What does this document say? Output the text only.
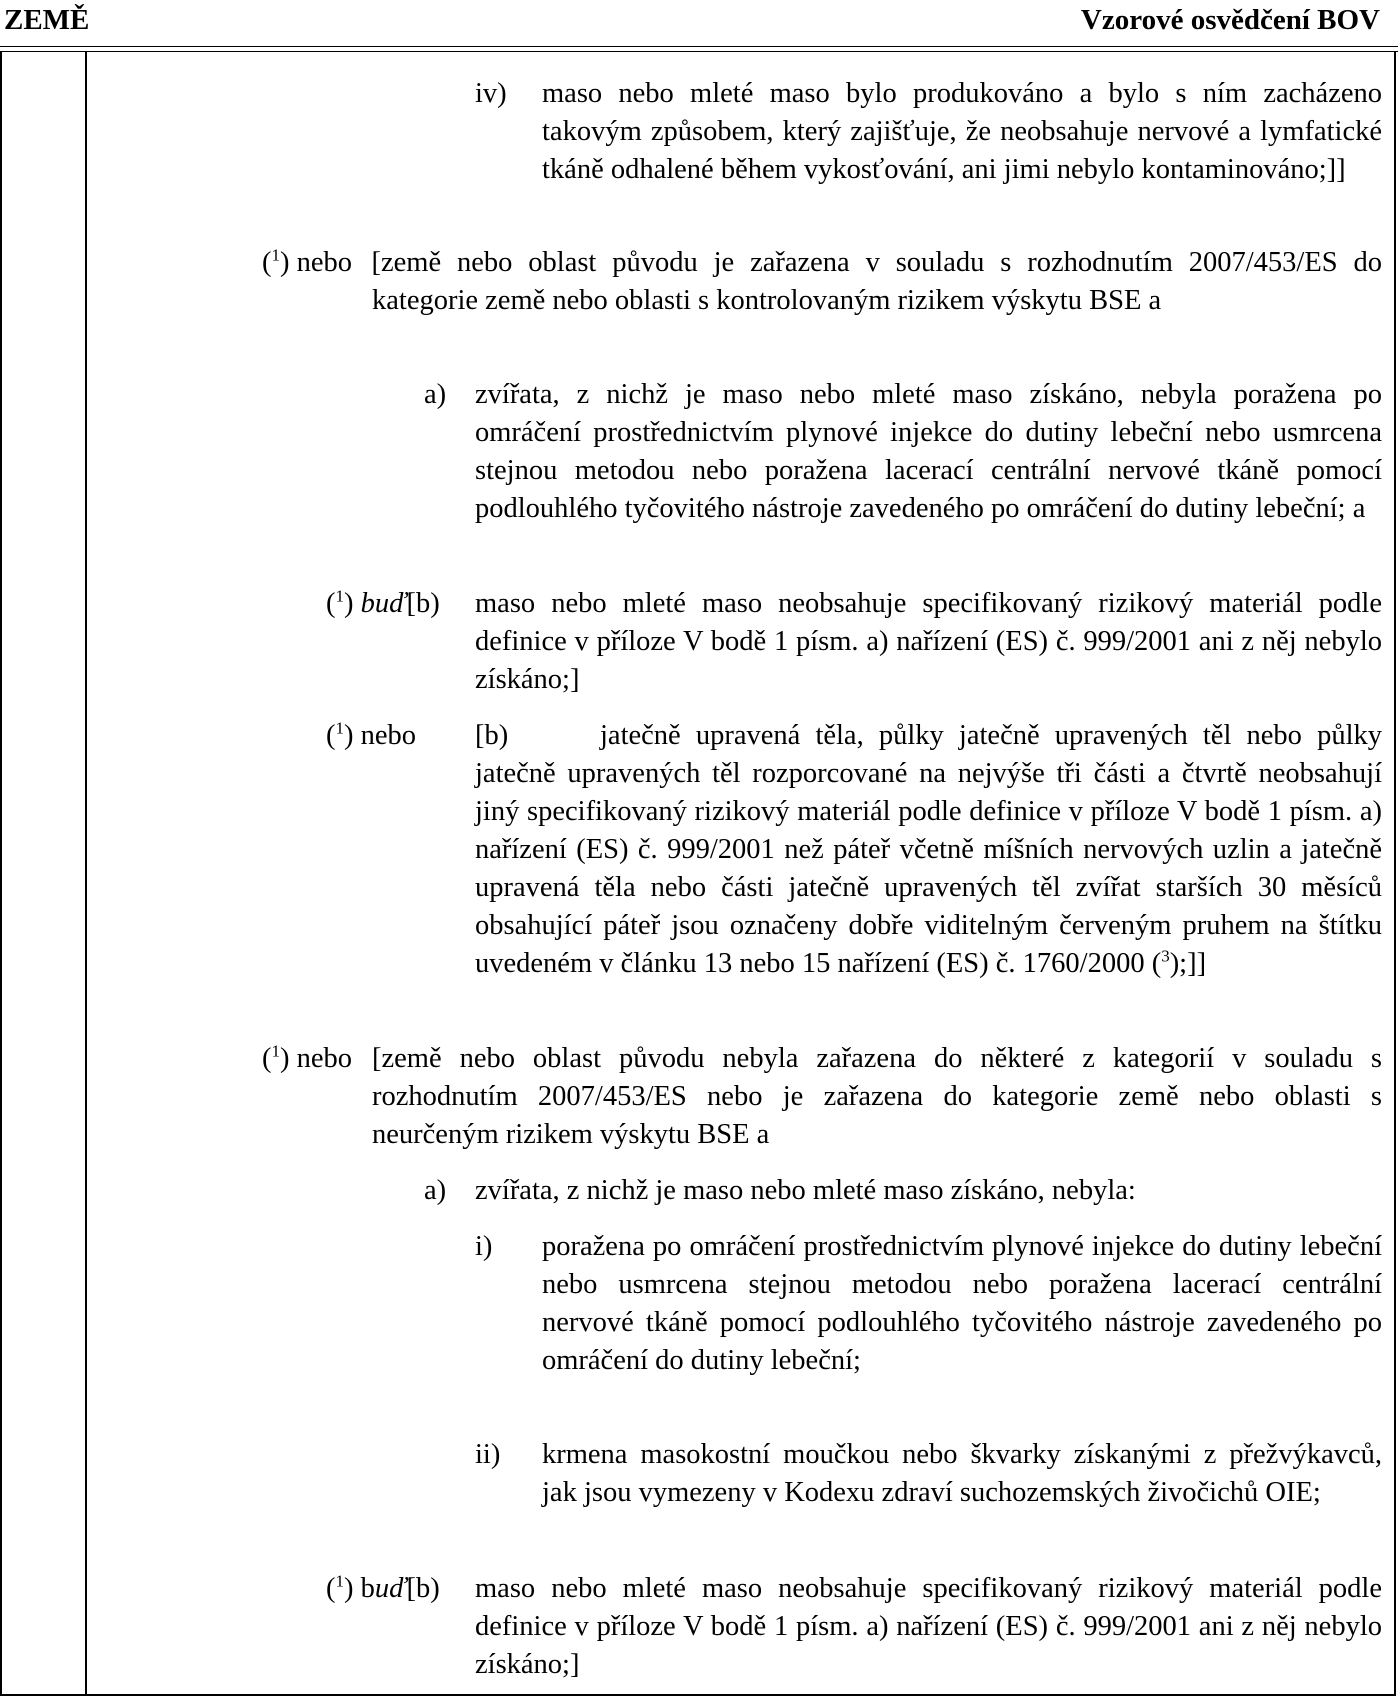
ZEMĚ	Vzorové osvědčení BOV
iv) maso nebo mleté maso bylo produkováno a bylo s ním zacházeno takovým způsobem, který zajišťuje, že neobsahuje nervové a lymfatické tkáně odhalené během vykosťování, ani jimi nebylo kontaminováno;]]
($^1$) nebo [země nebo oblast původu je zařazena v souladu s rozhodnutím 2007/453/ES do kategorie země nebo oblasti s kontrolovaným rizikem výskytu BSE a
a) zvířata, z nichž je maso nebo mleté maso získáno, nebyla poražena po omráčení prostřednictvím plynové injekce do dutiny lebeční nebo usmrcena stejnou metodou nebo poražena lacerací centrální nervové tkáně pomocí podlouhlého tyčovitého nástroje zavedeného po omráčení do dutiny lebeční; a
($^1$) buď[b) maso nebo mleté maso neobsahuje specifikovaný rizikový materiál podle definice v příloze V bodě 1 písm. a) nařízení (ES) č. 999/2001 ani z něj nebylo získáno;]
($^1$) nebo [b)	jatečně upravená těla, půlky jatečně upravených těl nebo půlky jatečně upravených těl rozporcované na nejvýše tři části a čtvrtě neobsahují jiný specifikovaný rizikový materiál podle definice v příloze V bodě 1 písm. a) nařízení (ES) č. 999/2001 než páteř včetně míšních nervových uzlin a jatečně upravená těla nebo části jatečně upravených těl zvířat starších 30 měsíců obsahující páteř jsou označeny dobře viditelným červeným pruhem na štítku uvedeném v článku 13 nebo 15 nařízení (ES) č. 1760/2000 ($^3$);]]
($^1$) nebo [země nebo oblast původu nebyla zařazena do některé z kategorií v souladu s rozhodnutím 2007/453/ES nebo je zařazena do kategorie země nebo oblasti s neurčeným rizikem výskytu BSE a
a) zvířata, z nichž je maso nebo mleté maso získáno, nebyla:
i) poražena po omráčení prostřednictvím plynové injekce do dutiny lebeční nebo usmrcena stejnou metodou nebo poražena lacerací centrální nervové tkáně pomocí podlouhlého tyčovitého nástroje zavedeného po omráčení do dutiny lebeční;
ii) krmena masokostní moučkou nebo škvarky získanými z přežvýkavců, jak jsou vymezeny v Kodexu zdraví suchozemských živočichů OIE;
($^1$) buď[b) maso nebo mleté maso neobsahuje specifikovaný rizikový materiál podle definice v příloze V bodě 1 písm. a) nařízení (ES) č. 999/2001 ani z něj nebylo získáno;]
